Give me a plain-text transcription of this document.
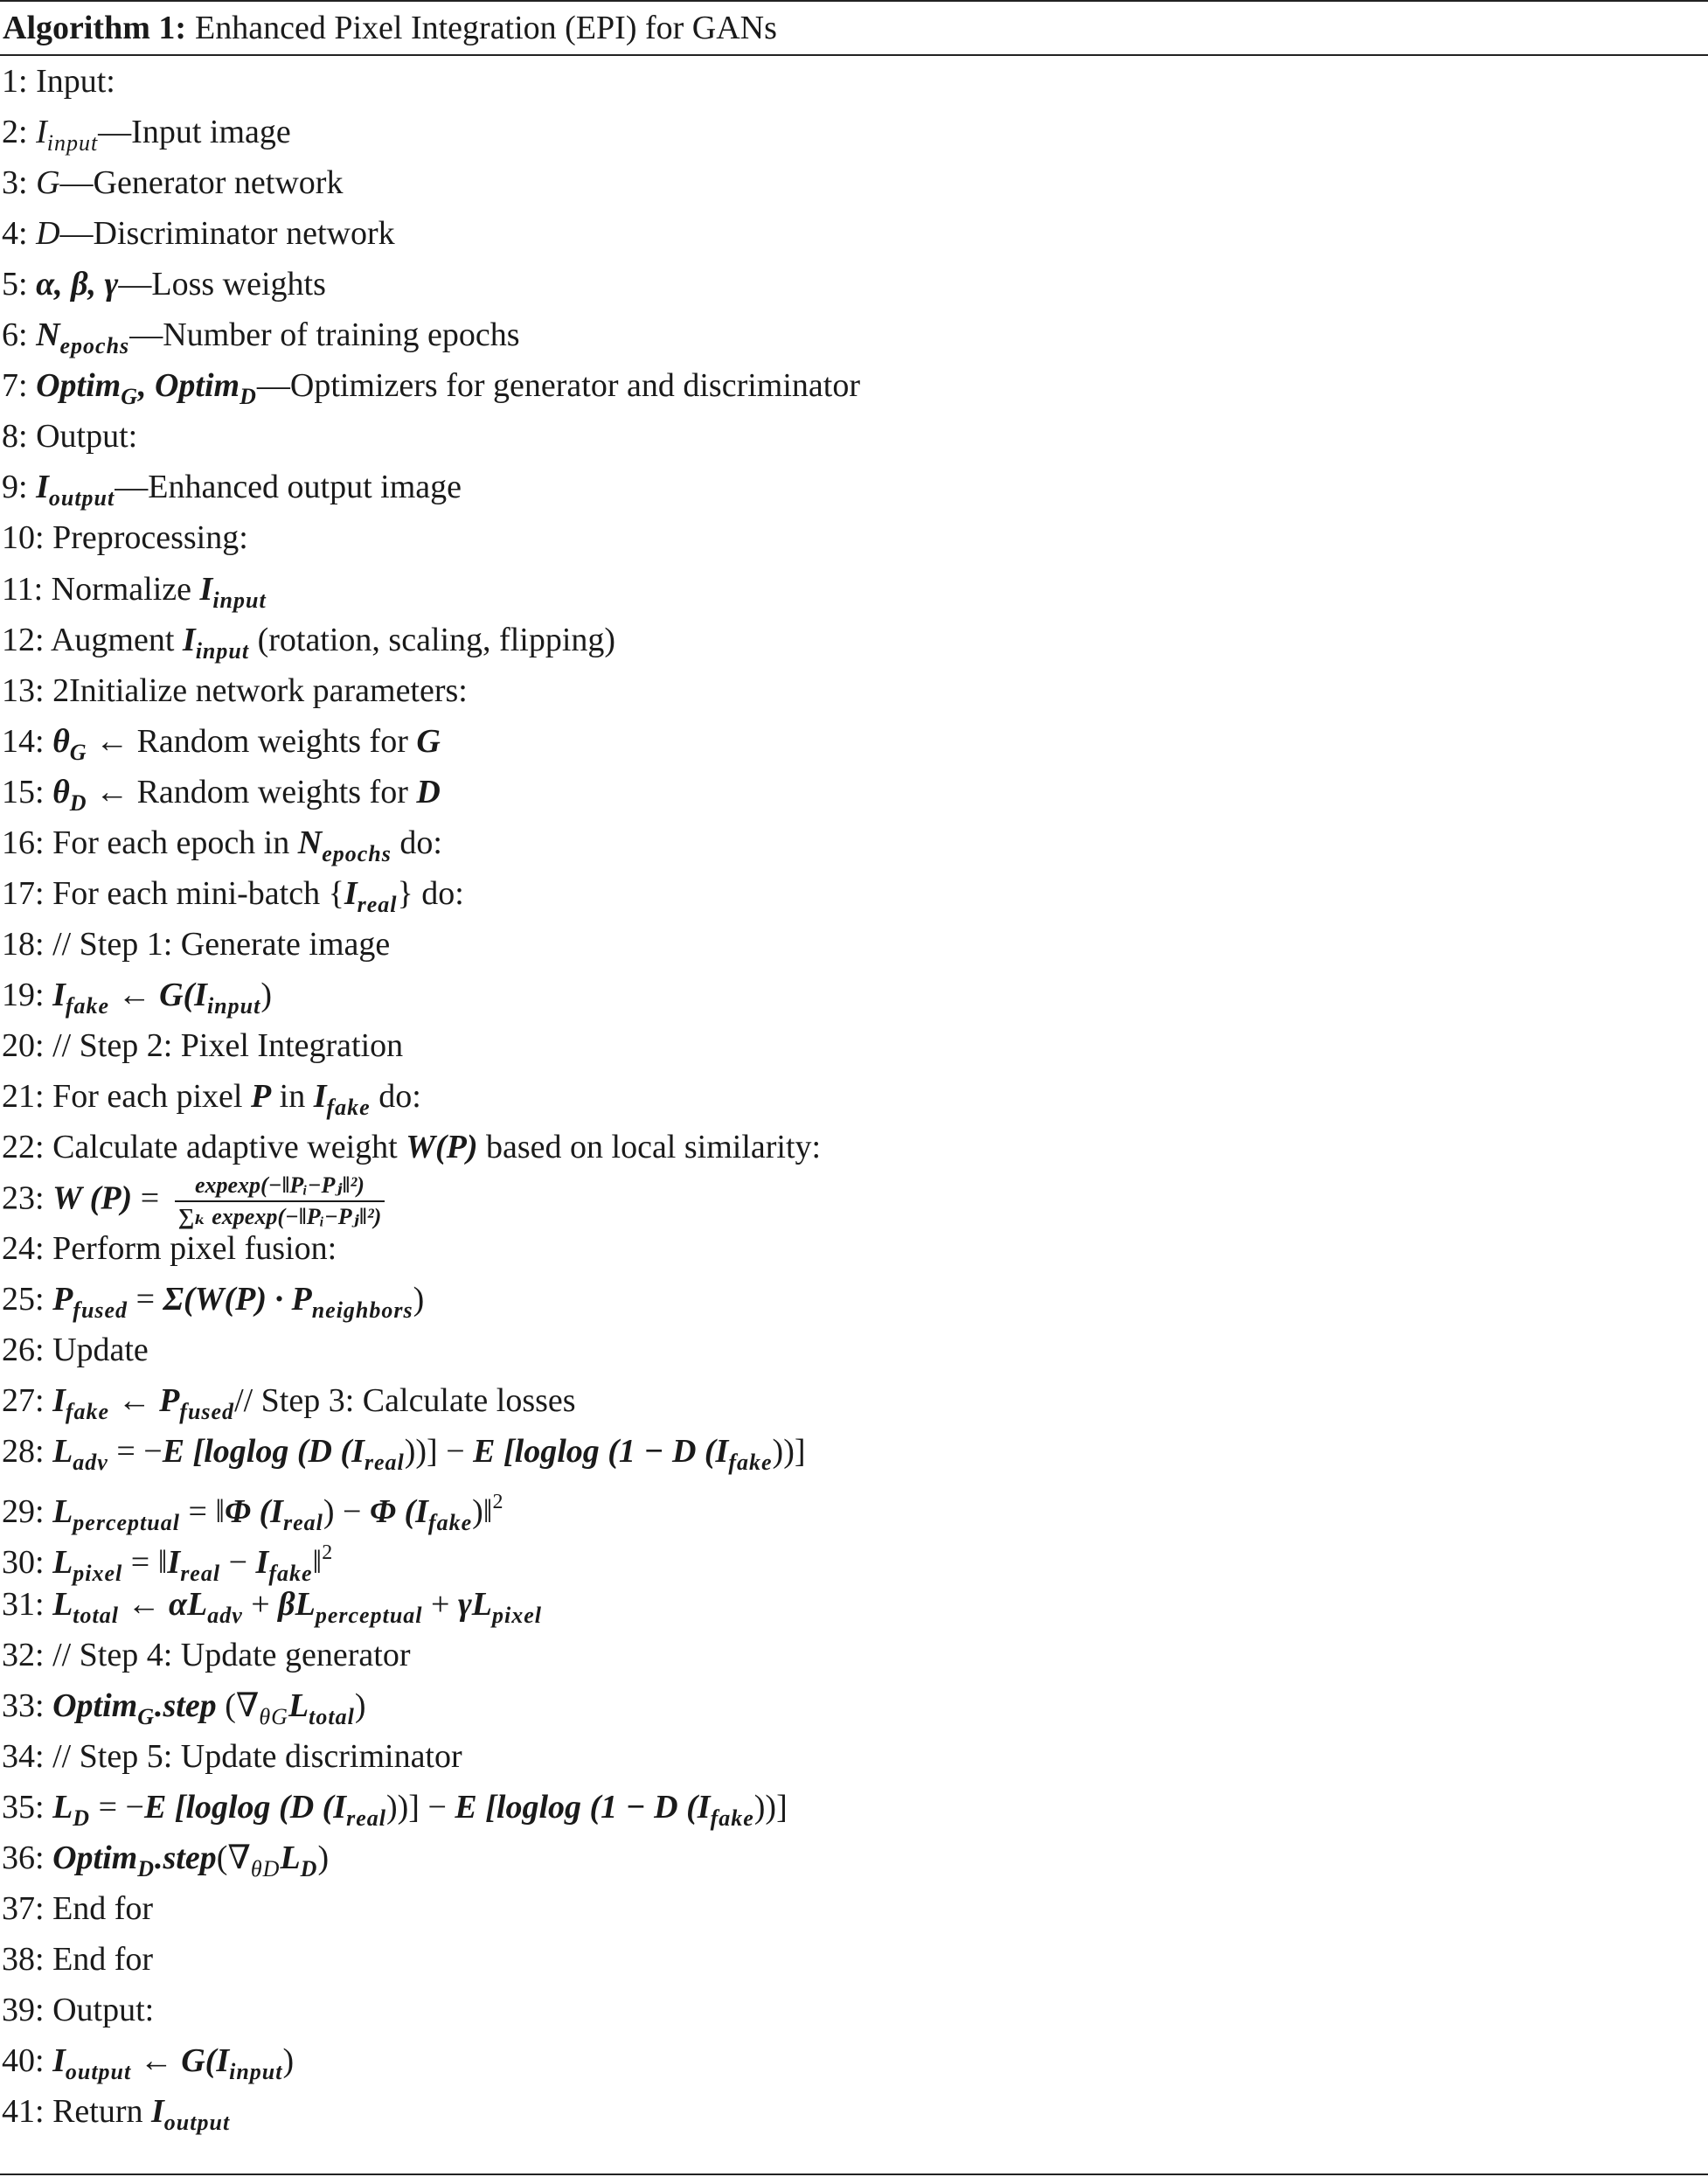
Algorithm 1: Enhanced Pixel Integration (EPI) for GANs
1: Input:
2: $I_{input}—Input$ image
3: G—Generator network
4: D—Discriminator network
5: α, β, γ—Loss weights
6: $N_{epochs}—Number$ of training epochs
7: Optim$_G$, Optim$_D$—Optimizers for generator and discriminator
8: Output:
9: $I_{output}—Enhanced$ output image
10: Preprocessing:
11: Normalize $I_{input}$
12: Augment $I_{input}$ (rotation, scaling, flipping)
13: 2Initialize network parameters:
14: $\theta_G$ ← Random weights for G
15: $\theta_D$ ← Random weights for D
16: For each epoch in $N_{epochs}$ do:
17: For each mini-batch $\{I_{real}\}$ do:
18: // Step 1: Generate image
19: $I_{fake}$ ← $G(I_{input})$
20: // Step 2: Pixel Integration
21: For each pixel P in $I_{fake}$ do:
22: Calculate adaptive weight W(P) based on local similarity:
23: W $(P) = \frac{\text{expexp(−‖Pᵢ−Pⱼ‖²)}}{\text{∑ₖ expexp(−‖Pᵢ−Pⱼ‖²)}}$
24: Perform pixel fusion:
25: $P_{fused} = \Sigma(W(P) \cdot P_{neighbors})$
26: Update
27: $I_{fake}$ ← $P_{fused}//$ Step 3: Calculate losses
28: $L_{adv} = -E$ [loglog (D $(I_{real}))] - E$ [loglog (1 − D $(I_{fake})$)]
29: $L_{perceptual}$ = ‖Φ $(I_{real}) - \Phi$ $(I_{fake})‖^2$
30: $L_{pixel}$ = $‖I_{real}$ − $I_{fake}‖^2$
31: $L_{total}$ ← $\alpha L_{adv} + \beta L_{perceptual} + \gamma L_{pixel}$
32: // Step 4: Update generator
33: Optim$_G$.step $(\nabla_{\theta G}L_{total})$
34: // Step 5: Update discriminator
35: $L_D = -E$ [loglog (D $(I_{real}))] - E$ [loglog (1 − D $(I_{fake})$)]
36: $Optim_D.step(\nabla_{\theta D}L_D)$
37: End for
38: End for
39: Output:
40: $I_{output}$ ← $G(I_{input})$
41: Return $I_{output}$
